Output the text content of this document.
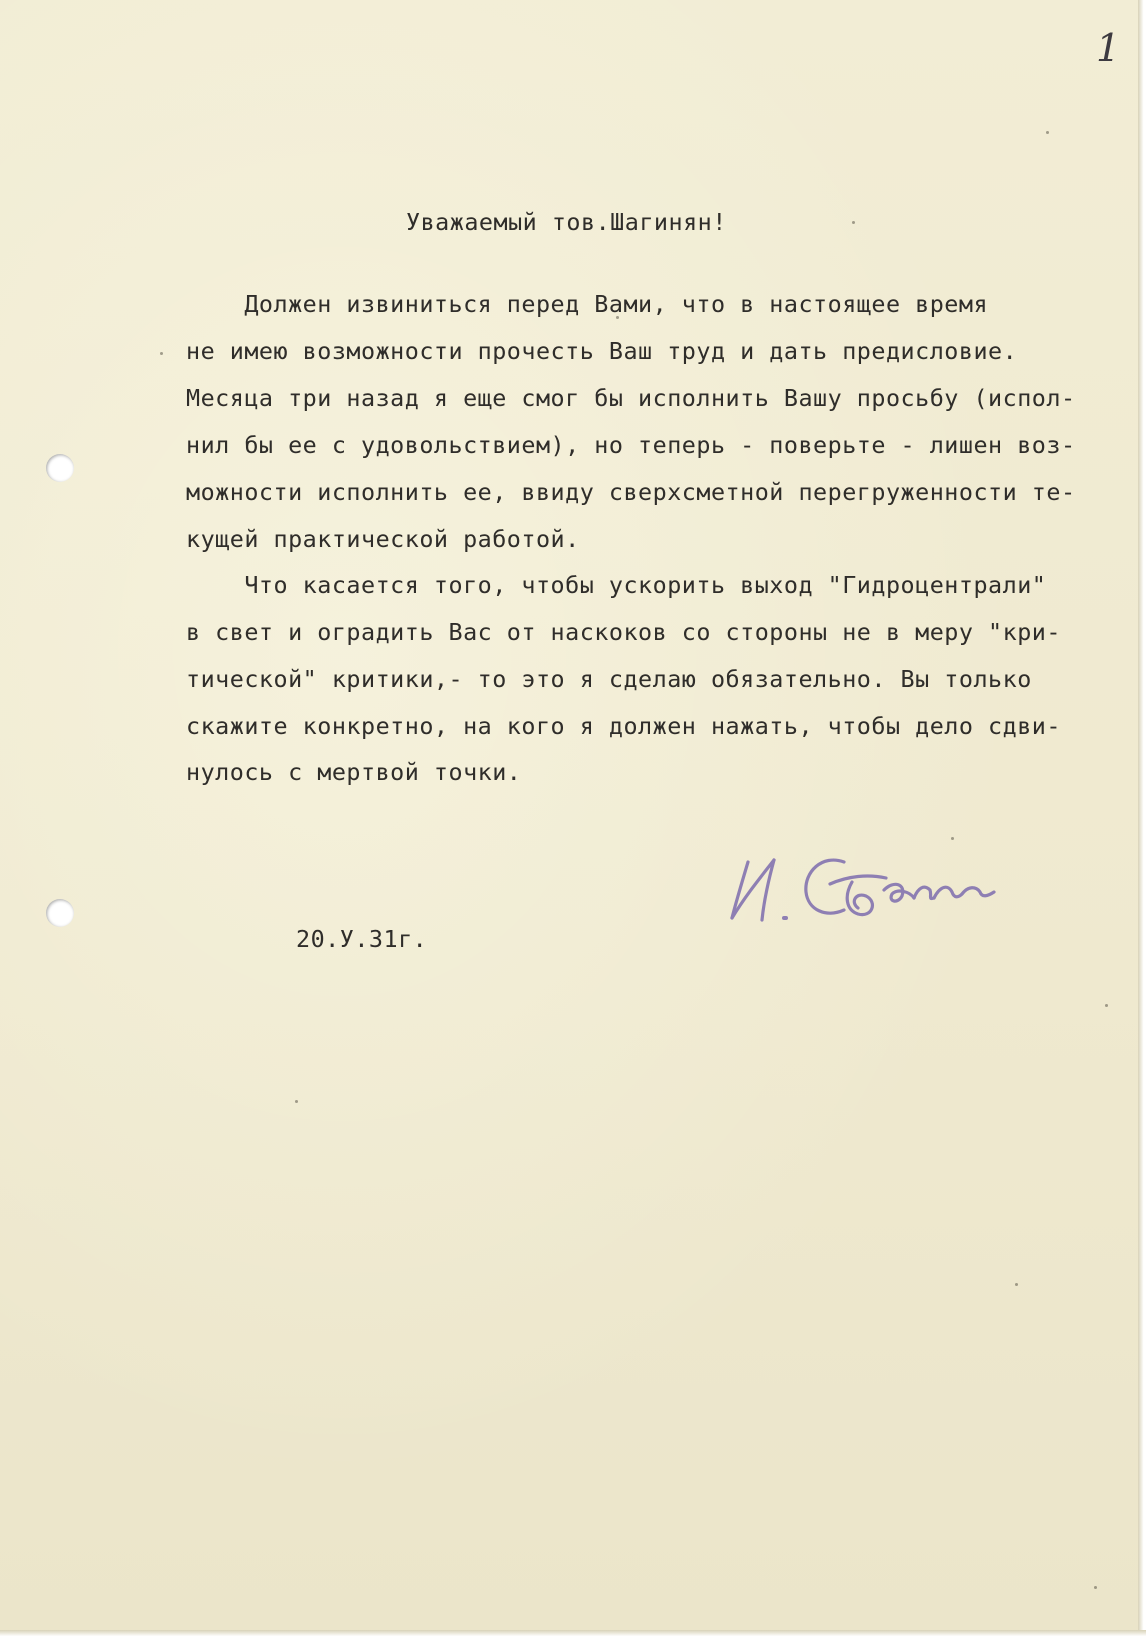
1
Уважаемый тов.Шагинян!
Должен извиниться перед Вами, что в настоящее время
не имею возможности прочесть Ваш труд и дать предисловие.
Месяца три назад я еще смог бы исполнить Вашу просьбу (испол-
нил бы ее с удовольствием), но теперь - поверьте - лишен воз-
можности исполнить ее, ввиду сверхсметной перегруженности те-
кущей практической работой.
Что касается того, чтобы ускорить выход "Гидроцентрали"
в свет и оградить Вас от наскоков со стороны не в меру "кри-
тической" критики,- то это я сделаю обязательно. Вы только
скажите конкретно, на кого я должен нажать, чтобы дело сдви-
нулось с мертвой точки.
20.У.31г.
